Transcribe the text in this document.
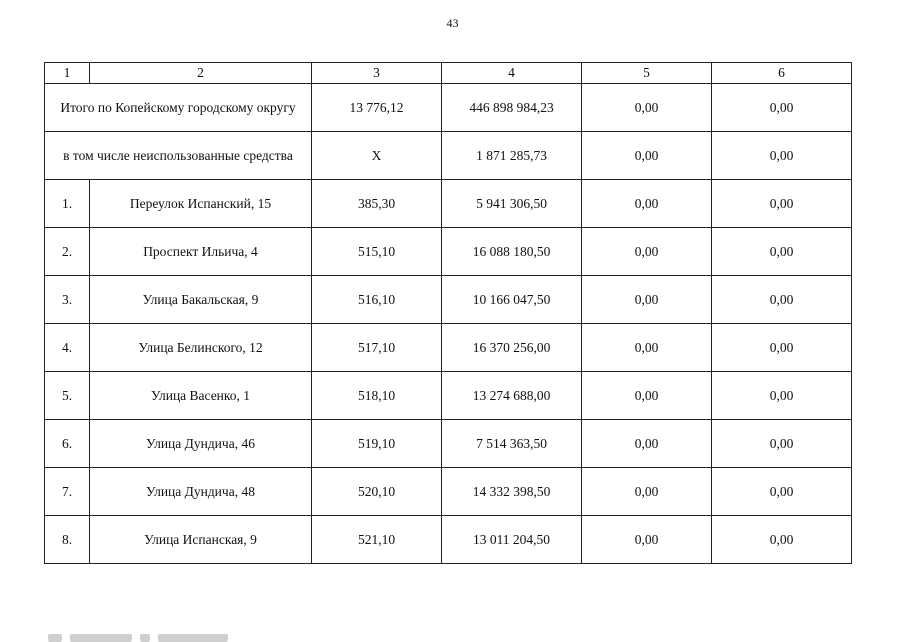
43
1	2	3	4	5	6
Итого по Копейскому городскому округу		13 776,12	446 898 984,23	0,00	0,00
в том числе неиспользованные средства		Х	1 871 285,73	0,00	0,00
1.	Переулок Испанский, 15	385,30	5 941 306,50	0,00	0,00
2.	Проспект Ильича, 4	515,10	16 088 180,50	0,00	0,00
3.	Улица Бакальская, 9	516,10	10 166 047,50	0,00	0,00
4.	Улица Белинского, 12	517,10	16 370 256,00	0,00	0,00
5.	Улица Васенко, 1	518,10	13 274 688,00	0,00	0,00
6.	Улица Дундича, 46	519,10	7 514 363,50	0,00	0,00
7.	Улица Дундича, 48	520,10	14 332 398,50	0,00	0,00
8.	Улица Испанская, 9	521,10	13 011 204,50	0,00	0,00
